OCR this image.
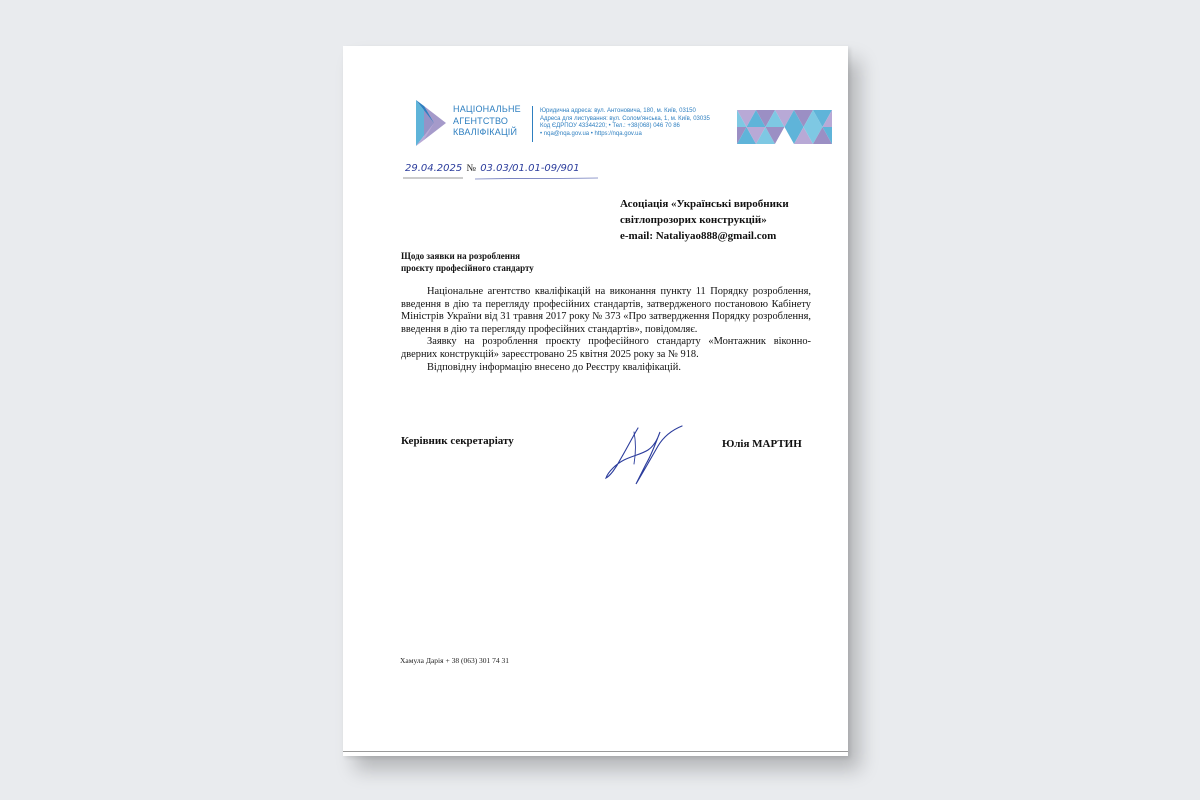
НАЦІОНАЛЬНЕ
АГЕНТСТВО
КВАЛІФІКАЦІЙ
Юридична адреса: вул. Антоновича, 180, м. Київ, 03150
Адреса для листування: вул. Солом'янська, 1, м. Київ, 03035
Код ЄДРПОУ 43344220; • Тел.: +38(068) 046 70 86
• nqa@nqa.gov.ua • https://nqa.gov.ua
29.04.2025 № 03.03/01.01-09/901
Асоціація «Українські виробники
світлопрозорих конструкцій»
e-mail: Nataliyao888@gmail.com
Щодо заявки на розроблення
проєкту професійного стандарту

Національне агентство кваліфікацій на виконання пункту 11 Порядку розроблення, введення в дію та перегляду професійних стандартів, затвердженого постановою Кабінету Міністрів України від 31 травня 2017 року № 373 «Про затвердження Порядку розроблення, введення в дію та перегляду професійних стандартів», повідомляє.

Заявку на розроблення проєкту професійного стандарту «Монтажник віконно-дверних конструкцій» зареєстровано 25 квітня 2025 року за № 918.

Відповідну інформацію внесено до Реєстру кваліфікацій.

Керівник секретаріату	Юлія МАРТИН
Хамула Дарія + 38 (063) 301 74 31
